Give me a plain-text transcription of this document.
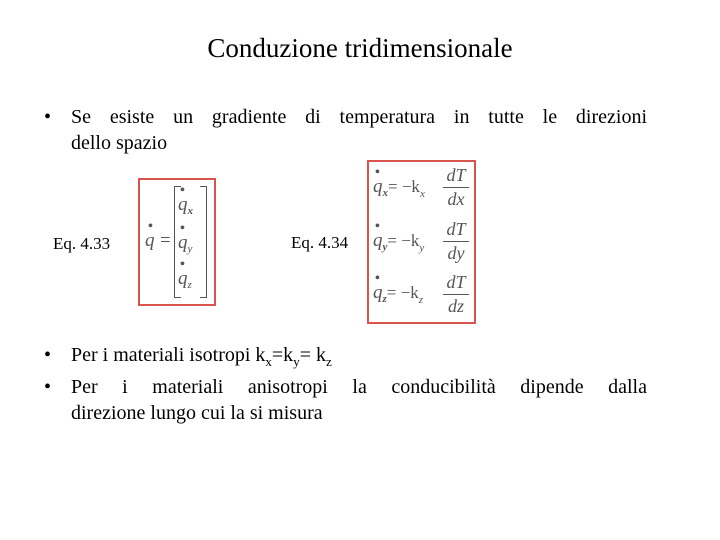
Conduzione tridimensionale
• Se esiste un gradiente di temperatura in tutte le direzioni
dello spazio
Eq. 4.33
•
q =
•
$q_x$
•
$q_y$
•
$q_z$
Eq. 4.34
•
$q_x= -k_x$
dT
dx
•
$q_y= -k_y$
dT
dy
•
$q_z= -k_z$
dT
dz
• Per i materiali isotropi $k_x=k_y= k_z$
• Per i materiali anisotropi la conducibilità dipende dalla
direzione lungo cui la si misura
